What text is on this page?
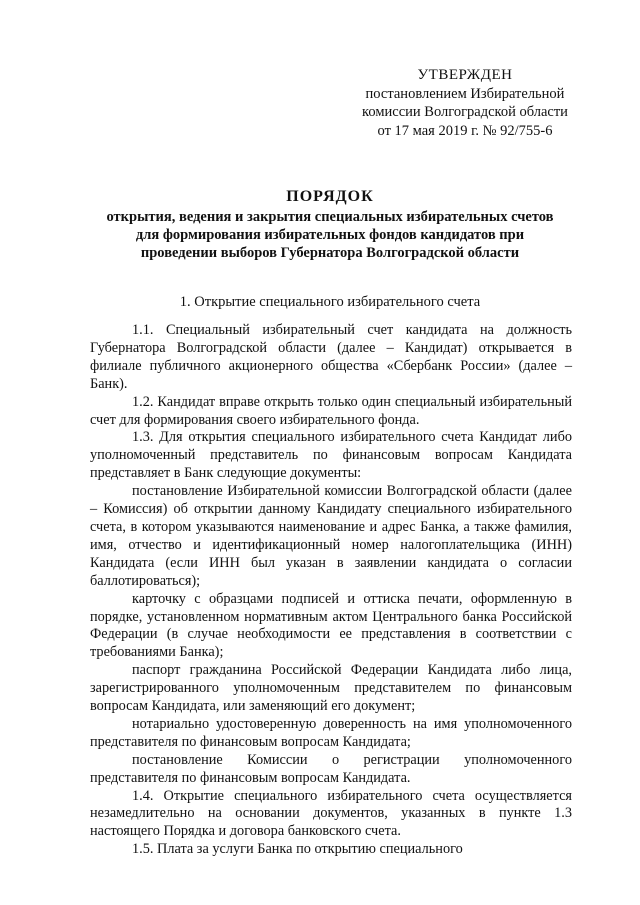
УТВЕРЖДЕН
постановлением Избирательной
комиссии Волгоградской области
от 17 мая 2019 г. № 92/755-6
ПОРЯДОК
открытия, ведения и закрытия специальных избирательных счетов
для формирования избирательных фондов кандидатов при
проведении выборов Губернатора Волгоградской области
1. Открытие специального избирательного счета

1.1. Специальный избирательный счет кандидата на должность Губернатора Волгоградской области (далее – Кандидат) открывается в филиале публичного акционерного общества «Сбербанк России» (далее – Банк).

1.2. Кандидат вправе открыть только один специальный избирательный счет для формирования своего избирательного фонда.

1.3. Для открытия специального избирательного счета Кандидат либо уполномоченный представитель по финансовым вопросам Кандидата представляет в Банк следующие документы:

постановление Избирательной комиссии Волгоградской области (далее – Комиссия) об открытии данному Кандидату специального избирательного счета, в котором указываются наименование и адрес Банка, а также фамилия, имя, отчество и идентификационный номер налогоплательщика (ИНН) Кандидата (если ИНН был указан в заявлении кандидата о согласии баллотироваться);

карточку с образцами подписей и оттиска печати, оформленную в порядке, установленном нормативным актом Центрального банка Российской Федерации (в случае необходимости ее представления в соответствии с требованиями Банка);

паспорт гражданина Российской Федерации Кандидата либо лица, зарегистрированного уполномоченным представителем по финансовым вопросам Кандидата, или заменяющий его документ;

нотариально удостоверенную доверенность на имя уполномоченного представителя по финансовым вопросам Кандидата;

постановление Комиссии о регистрации уполномоченного представителя по финансовым вопросам Кандидата.

1.4. Открытие специального избирательного счета осуществляется незамедлительно на основании документов, указанных в пункте 1.3 настоящего Порядка и договора банковского счета.

1.5. Плата за услуги Банка по открытию специального
